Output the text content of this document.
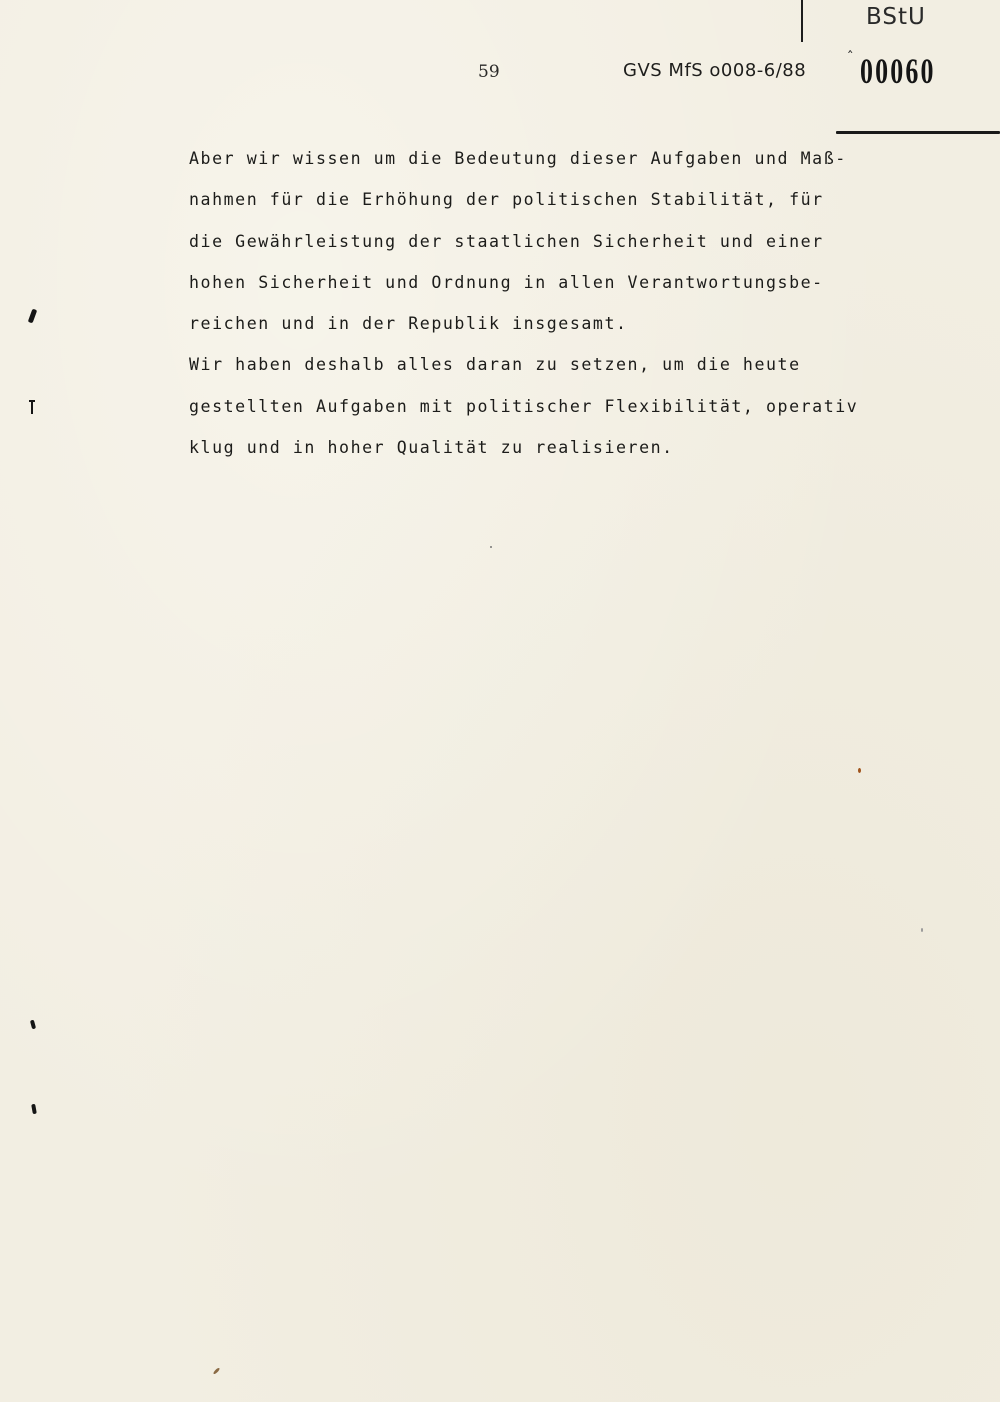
BStU
59	GVS MfS o008-6/88
ˆ 00060
Aber wir wissen um die Bedeutung dieser Aufgaben und Maß-
nahmen für die Erhöhung der politischen Stabilität, für
die Gewährleistung der staatlichen Sicherheit und einer
hohen Sicherheit und Ordnung in allen Verantwortungsbe-
reichen und in der Republik insgesamt.
Wir haben deshalb alles daran zu setzen, um die heute
gestellten Aufgaben mit politischer Flexibilität, operativ
klug und in hoher Qualität zu realisieren.
